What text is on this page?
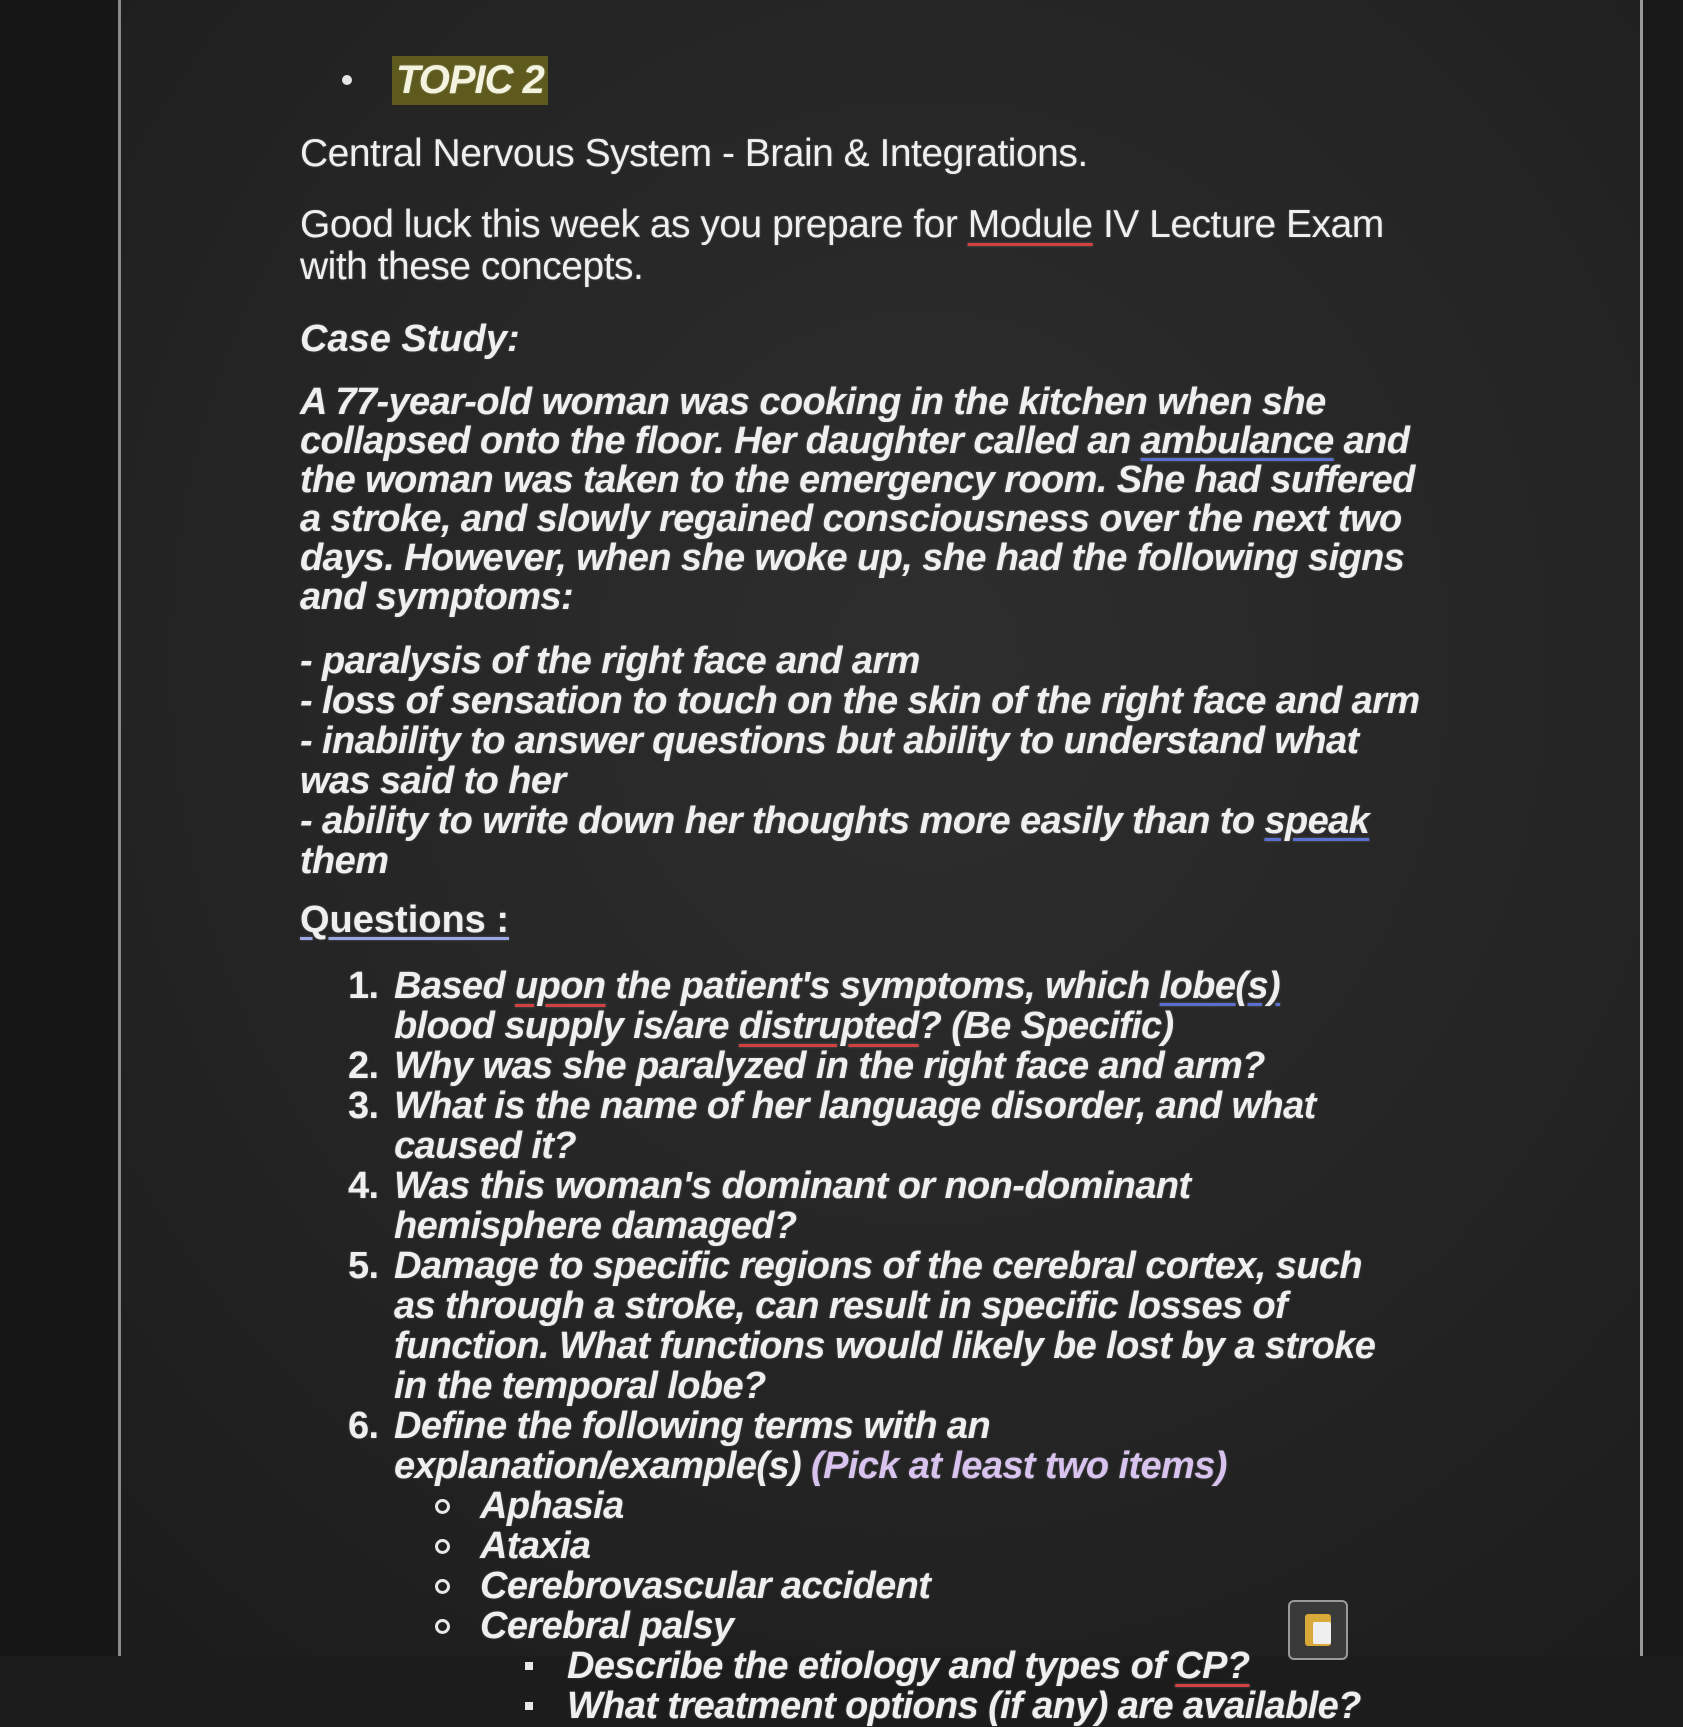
TOPIC 2
Central Nervous System - Brain & Integrations.
Good luck this week as you prepare for Module IV Lecture Exam with these concepts.
Case Study:
A 77-year-old woman was cooking in the kitchen when she collapsed onto the floor. Her daughter called an ambulance and the woman was taken to the emergency room. She had suffered a stroke, and slowly regained consciousness over the next two days. However, when she woke up, she had the following signs and symptoms:
- paralysis of the right face and arm
- loss of sensation to touch on the skin of the right face and arm
- inability to answer questions but ability to understand what was said to her
- ability to write down her thoughts more easily than to speak them
Questions :
1. Based upon the patient's symptoms, which lobe(s) blood supply is/are distrupted? (Be Specific)
2. Why was she paralyzed in the right face and arm?
3. What is the name of her language disorder, and what caused it?
4. Was this woman's dominant or non-dominant hemisphere damaged?
5. Damage to specific regions of the cerebral cortex, such as through a stroke, can result in specific losses of function. What functions would likely be lost by a stroke in the temporal lobe?
6. Define the following terms with an explanation/example(s) (Pick at least two items)
Aphasia
Ataxia
Cerebrovascular accident
Cerebral palsy
Describe the etiology and types of CP?
What treatment options (if any) are available?
